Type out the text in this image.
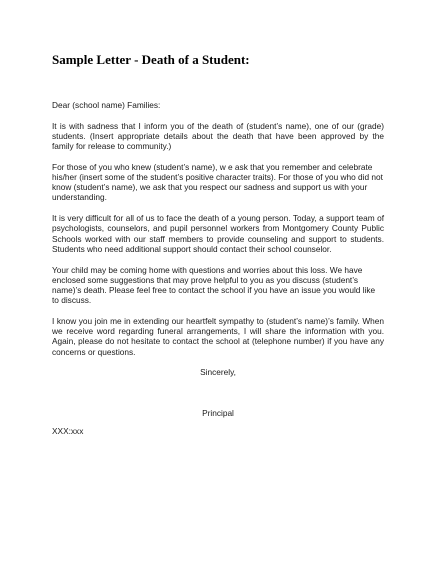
Sample Letter - Death of a Student:

Dear (school name) Families:

It is with sadness that I inform you of the death of (student’s name), one of our (grade) students. (Insert appropriate details about the death that have been approved by the family for release to community.)

For those of you who knew (student’s name), w e ask that you remember and celebrate his/her (insert some of the student’s positive character traits). For those of you who did not know (student’s name), we ask that you respect our sadness and support us with your understanding.

It is very difficult for all of us to face the death of a young person. Today, a support team of psychologists, counselors, and pupil personnel workers from Montgomery County Public Schools worked with our staff members to provide counseling and support to students. Students who need additional support should contact their school counselor.

Your child may be coming home with questions and worries about this loss. We have enclosed some suggestions that may prove helpful to you as you discuss (student’s name)’s death. Please feel free to contact the school if you have an issue you would like to discuss.

I know you join me in extending our heartfelt sympathy to (student’s name)’s family. When we receive word regarding funeral arrangements, I will share the information with you. Again, please do not hesitate to contact the school at (telephone number) if you have any concerns or questions.

Sincerely,

Principal

XXX:xxx
